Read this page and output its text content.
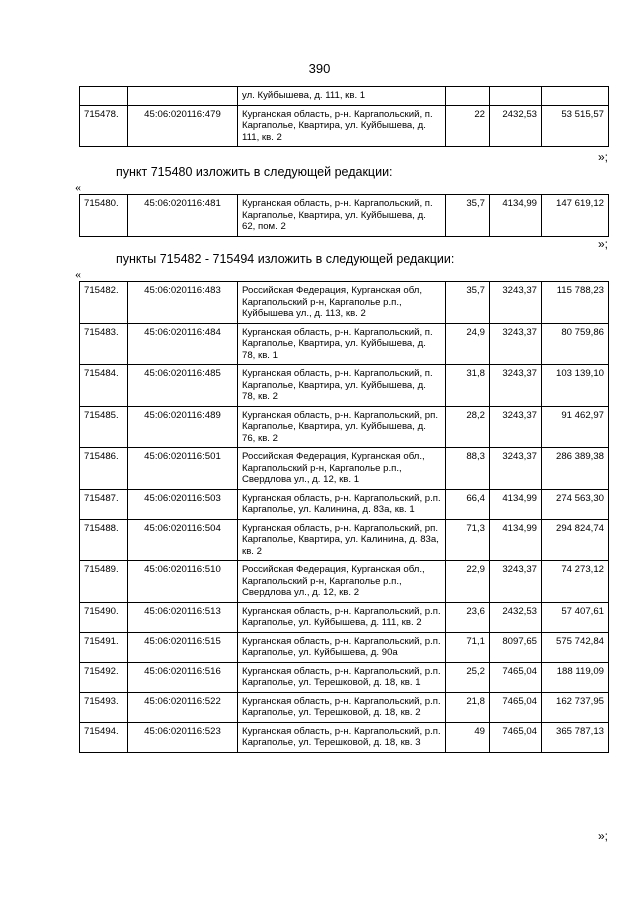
390
		ул. Куйбышева, д. 111, кв. 1			
715478.	45:06:020116:479	Курганская область, р-н. Каргапольский, п. Каргаполье, Квартира, ул. Куйбышева, д. 111, кв. 2	22	2432,53	53 515,57
»;
пункт 715480 изложить в следующей редакции:
«
715480.	45:06:020116:481	Курганская область, р-н. Каргапольский, п. Каргаполье, Квартира, ул. Куйбышева, д. 62, пом. 2	35,7	4134,99	147 619,12
»;
пункты 715482 - 715494 изложить в следующей редакции:
«
715482.	45:06:020116:483	Российская Федерация, Курганская обл, Каргапольский р-н, Каргаполье р.п., Куйбышева ул., д. 113, кв. 2	35,7	3243,37	115 788,23
715483.	45:06:020116:484	Курганская область, р-н. Каргапольский, п. Каргаполье, Квартира, ул. Куйбышева, д. 78, кв. 1	24,9	3243,37	80 759,86
715484.	45:06:020116:485	Курганская область, р-н. Каргапольский, п. Каргаполье, Квартира, ул. Куйбышева, д. 78, кв. 2	31,8	3243,37	103 139,10
715485.	45:06:020116:489	Курганская область, р-н. Каргапольский, рп. Каргаполье, Квартира, ул. Куйбышева, д. 76, кв. 2	28,2	3243,37	91 462,97
715486.	45:06:020116:501	Российская Федерация, Курганская обл., Каргапольский р-н, Каргаполье р.п., Свердлова ул., д. 12, кв. 1	88,3	3243,37	286 389,38
715487.	45:06:020116:503	Курганская область, р-н. Каргапольский, р.п. Каргаполье, ул. Калинина, д. 83а, кв. 1	66,4	4134,99	274 563,30
715488.	45:06:020116:504	Курганская область, р-н. Каргапольский, рп. Каргаполье, Квартира, ул. Калинина, д. 83а, кв. 2	71,3	4134,99	294 824,74
715489.	45:06:020116:510	Российская Федерация, Курганская обл., Каргапольский р-н, Каргаполье р.п., Свердлова ул., д. 12, кв. 2	22,9	3243,37	74 273,12
715490.	45:06:020116:513	Курганская область, р-н. Каргапольский, р.п. Каргаполье, ул. Куйбышева, д. 111, кв. 2	23,6	2432,53	57 407,61
715491.	45:06:020116:515	Курганская область, р-н. Каргапольский, р.п. Каргаполье, ул. Куйбышева, д. 90а	71,1	8097,65	575 742,84
715492.	45:06:020116:516	Курганская область, р-н. Каргапольский, р.п. Каргаполье, ул. Терешковой, д. 18, кв. 1	25,2	7465,04	188 119,09
715493.	45:06:020116:522	Курганская область, р-н. Каргапольский, р.п. Каргаполье, ул. Терешковой, д. 18, кв. 2	21,8	7465,04	162 737,95
715494.	45:06:020116:523	Курганская область, р-н. Каргапольский, р.п. Каргаполье, ул. Терешковой, д. 18, кв. 3	49	7465,04	365 787,13
»;
